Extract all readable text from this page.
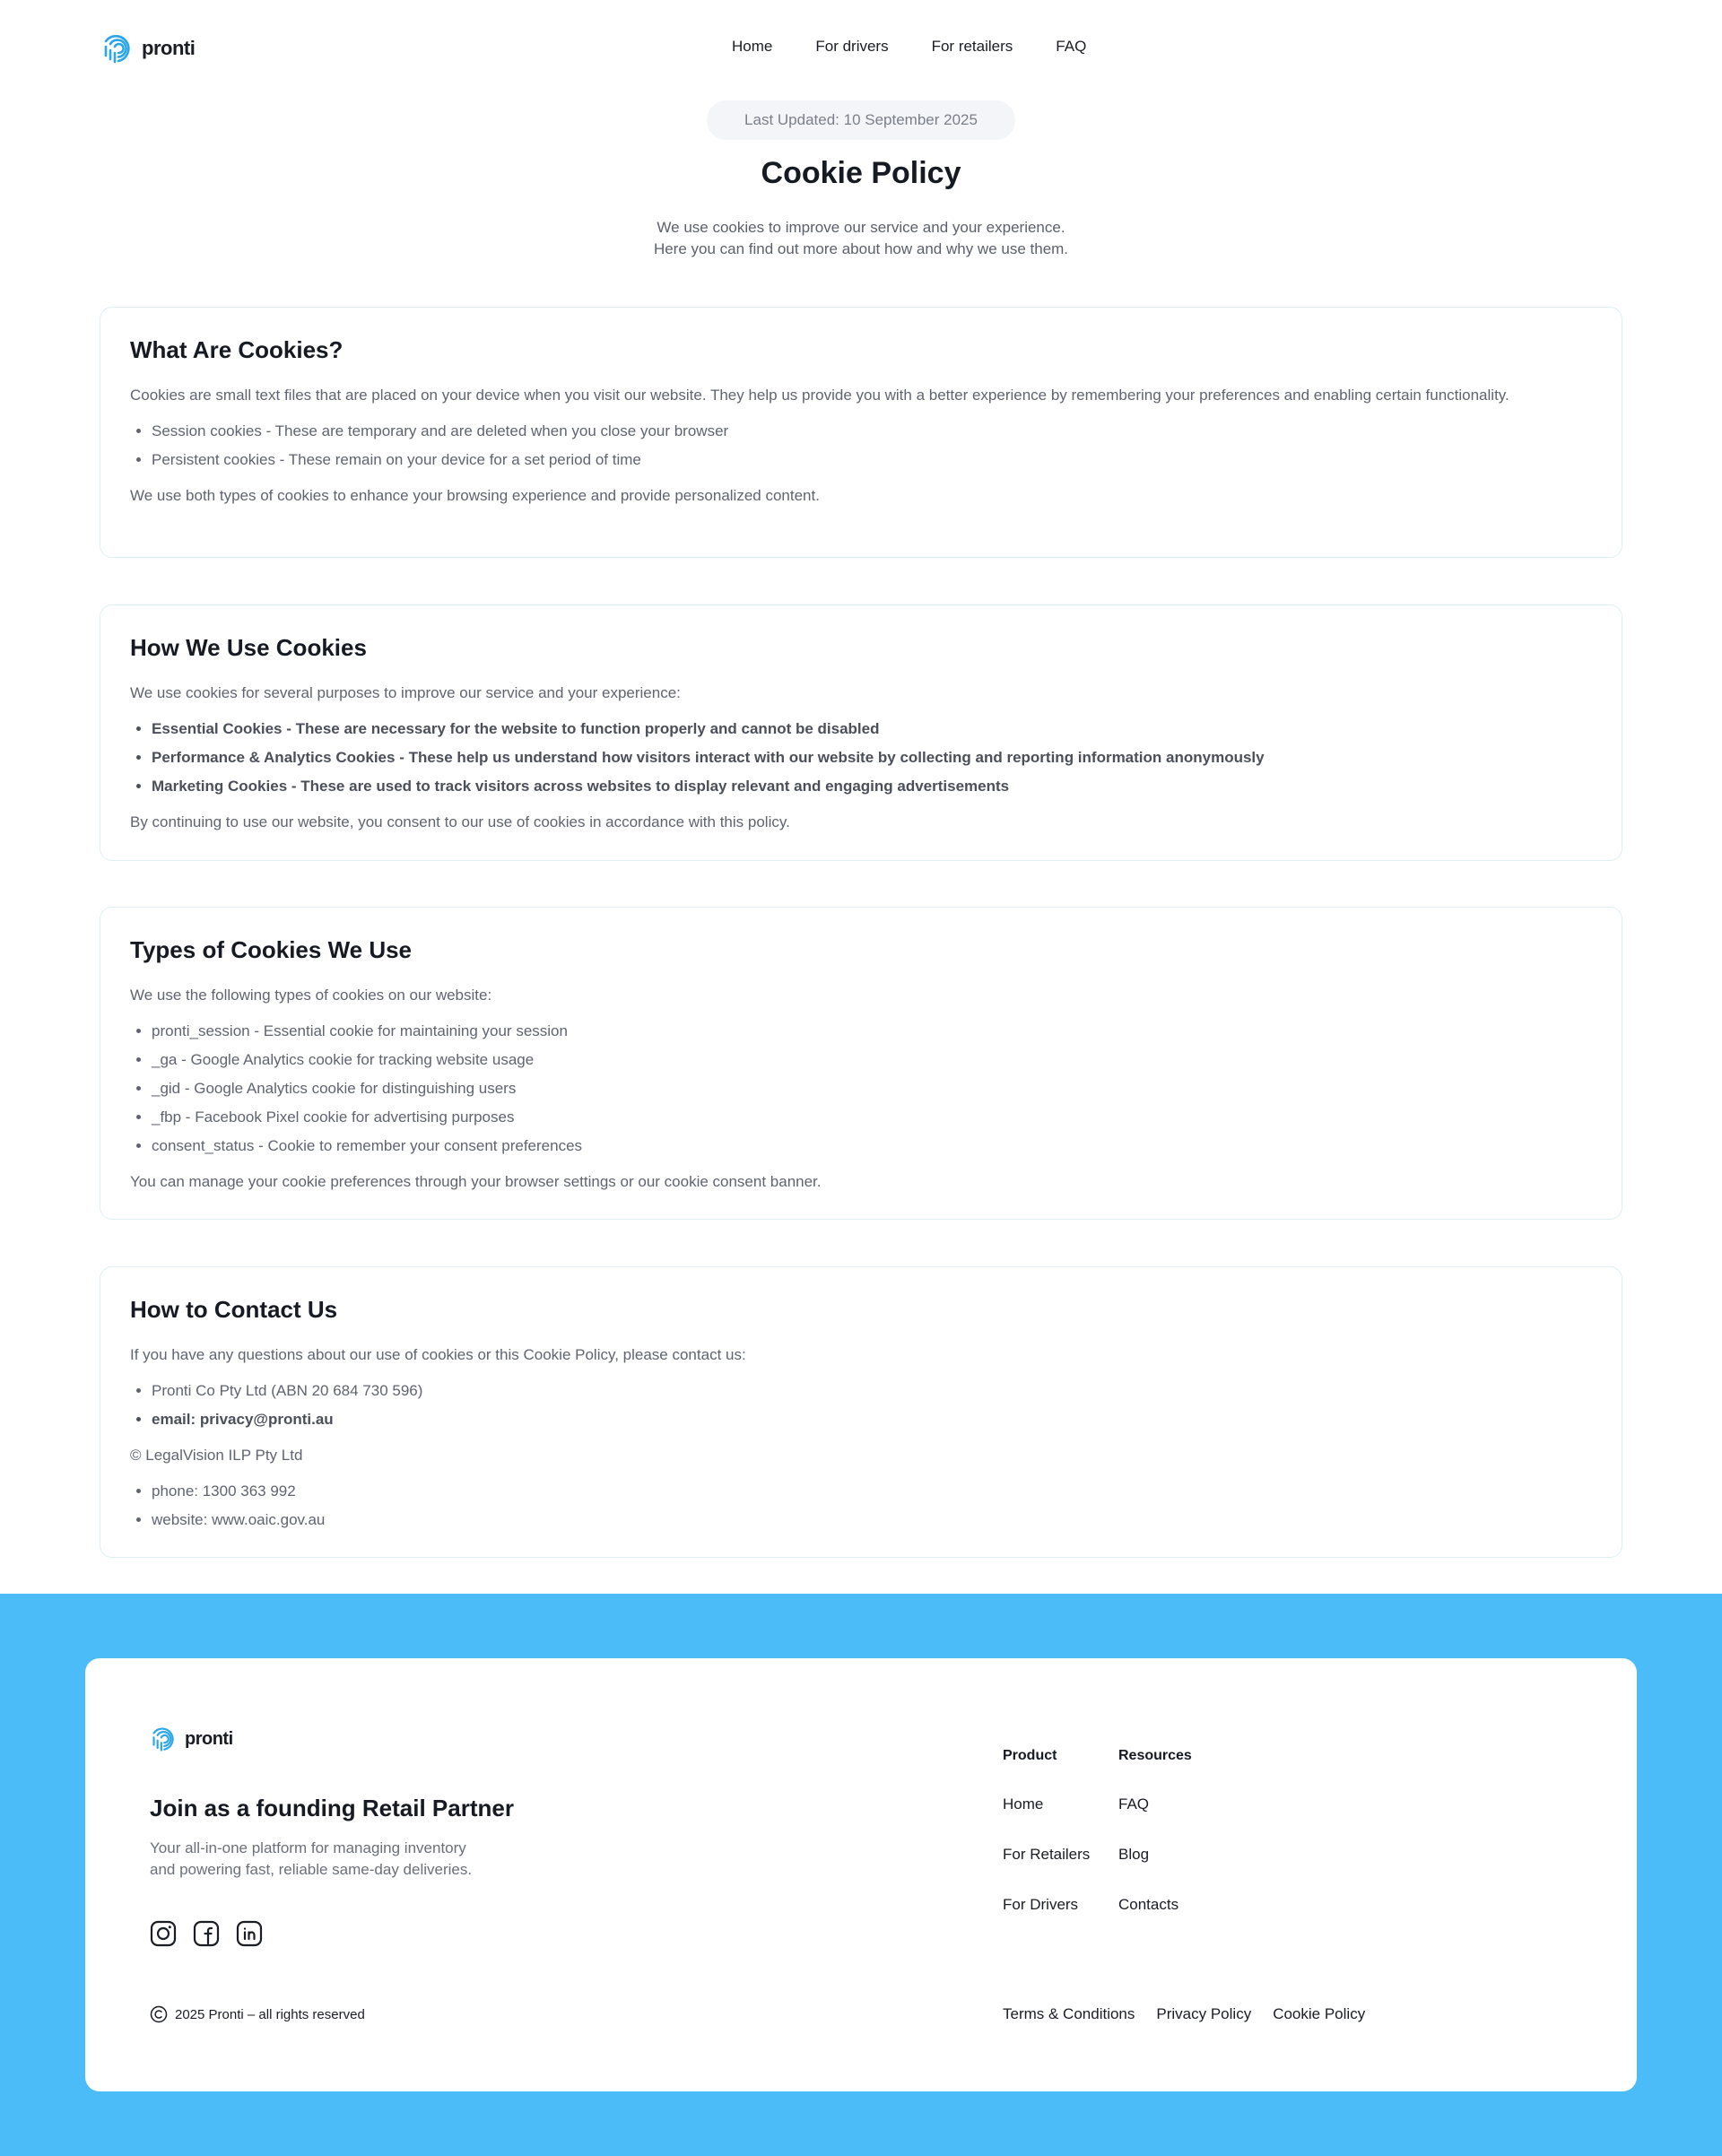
pronti	Home	For drivers	For retailers	FAQ
Last Updated: 10 September 2025
Cookie Policy
We use cookies to improve our service and your experience.
Here you can find out more about how and why we use them.
What Are Cookies?

Cookies are small text files that are placed on your device when you visit our website. They help us provide you with a better experience by remembering your preferences and enabling certain functionality.

• Session cookies - These are temporary and are deleted when you close your browser
• Persistent cookies - These remain on your device for a set period of time

We use both types of cookies to enhance your browsing experience and provide personalized content.

How We Use Cookies

We use cookies for several purposes to improve our service and your experience:

• Essential Cookies - These are necessary for the website to function properly and cannot be disabled
• Performance & Analytics Cookies - These help us understand how visitors interact with our website by collecting and reporting information anonymously
• Marketing Cookies - These are used to track visitors across websites to display relevant and engaging advertisements

By continuing to use our website, you consent to our use of cookies in accordance with this policy.

Types of Cookies We Use

We use the following types of cookies on our website:

• pronti_session - Essential cookie for maintaining your session
• _ga - Google Analytics cookie for tracking website usage
• _gid - Google Analytics cookie for distinguishing users
• _fbp - Facebook Pixel cookie for advertising purposes
• consent_status - Cookie to remember your consent preferences

You can manage your cookie preferences through your browser settings or our cookie consent banner.

How to Contact Us

If you have any questions about our use of cookies or this Cookie Policy, please contact us:

• Pronti Co Pty Ltd (ABN 20 684 730 596)
• email: privacy@pronti.au

© LegalVision ILP Pty Ltd

• phone: 1300 363 992
• website: www.oaic.gov.au
pronti
Join as a founding Retail Partner
Your all-in-one platform for managing inventory
and powering fast, reliable same-day deliveries.
Product
Home
For Retailers
For Drivers
Resources
FAQ
Blog
Contacts
2025 Pronti – all rights reserved	Terms & Conditions Privacy Policy Cookie Policy
